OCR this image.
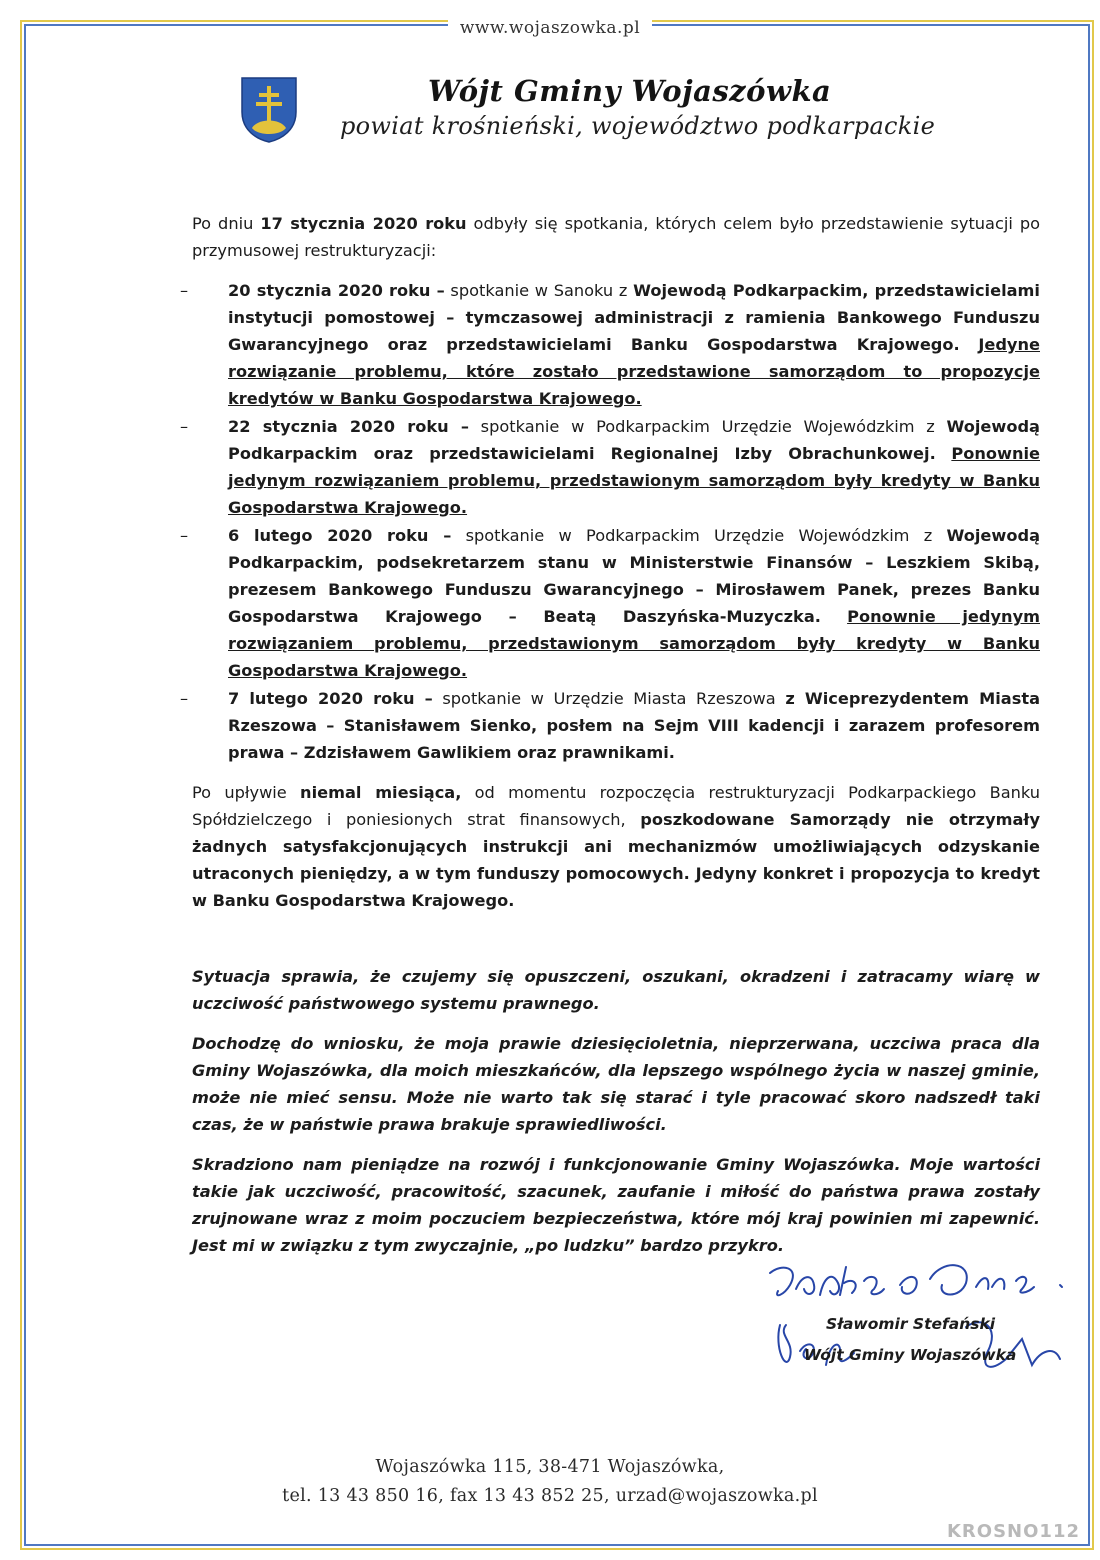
www.wojaszowka.pl
Wójt Gminy Wojaszówka
powiat krośnieński, województwo podkarpackie

Po dniu 17 stycznia 2020 roku odbyły się spotkania, których celem było przedstawienie sytuacji po przymusowej restrukturyzacji:

– 20 stycznia 2020 roku – spotkanie w Sanoku z Wojewodą Podkarpackim, przedstawicielami instytucji pomostowej – tymczasowej administracji z ramienia Bankowego Funduszu Gwarancyjnego oraz przedstawicielami Banku Gospodarstwa Krajowego. Jedyne rozwiązanie problemu, które zostało przedstawione samorządom to propozycje kredytów w Banku Gospodarstwa Krajowego.
– 22 stycznia 2020 roku – spotkanie w Podkarpackim Urzędzie Wojewódzkim z Wojewodą Podkarpackim oraz przedstawicielami Regionalnej Izby Obrachunkowej. Ponownie jedynym rozwiązaniem problemu, przedstawionym samorządom były kredyty w Banku Gospodarstwa Krajowego.
– 6 lutego 2020 roku – spotkanie w Podkarpackim Urzędzie Wojewódzkim z Wojewodą Podkarpackim, podsekretarzem stanu w Ministerstwie Finansów – Leszkiem Skibą, prezesem Bankowego Funduszu Gwarancyjnego – Mirosławem Panek, prezes Banku Gospodarstwa Krajowego – Beatą Daszyńska-Muzyczka. Ponownie jedynym rozwiązaniem problemu, przedstawionym samorządom były kredyty w Banku Gospodarstwa Krajowego.
– 7 lutego 2020 roku – spotkanie w Urzędzie Miasta Rzeszowa z Wiceprezydentem Miasta Rzeszowa – Stanisławem Sienko, posłem na Sejm VIII kadencji i zarazem profesorem prawa – Zdzisławem Gawlikiem oraz prawnikami.

Po upływie niemal miesiąca, od momentu rozpoczęcia restrukturyzacji Podkarpackiego Banku Spółdzielczego i poniesionych strat finansowych, poszkodowane Samorządy nie otrzymały żadnych satysfakcjonujących instrukcji ani mechanizmów umożliwiających odzyskanie utraconych pieniędzy, a w tym funduszy pomocowych. Jedyny konkret i propozycja to kredyt w Banku Gospodarstwa Krajowego.

Sytuacja sprawia, że czujemy się opuszczeni, oszukani, okradzeni i zatracamy wiarę w uczciwość państwowego systemu prawnego.

Dochodzę do wniosku, że moja prawie dziesięcioletnia, nieprzerwana, uczciwa praca dla Gminy Wojaszówka, dla moich mieszkańców, dla lepszego wspólnego życia w naszej gminie, może nie mieć sensu. Może nie warto tak się starać i tyle pracować skoro nadszedł taki czas, że w państwie prawa brakuje sprawiedliwości.

Skradziono nam pieniądze na rozwój i funkcjonowanie Gminy Wojaszówka. Moje wartości takie jak uczciwość, pracowitość, szacunek, zaufanie i miłość do państwa prawa zostały zrujnowane wraz z moim poczuciem bezpieczeństwa, które mój kraj powinien mi zapewnić. Jest mi w związku z tym zwyczajnie, „po ludzku” bardzo przykro.

Sławomir Stefański
Wójt Gminy Wojaszówka
Wojaszówka 115, 38-471 Wojaszówka,
tel. 13 43 850 16, fax 13 43 852 25, urzad@wojaszowka.pl
KROSNO112
